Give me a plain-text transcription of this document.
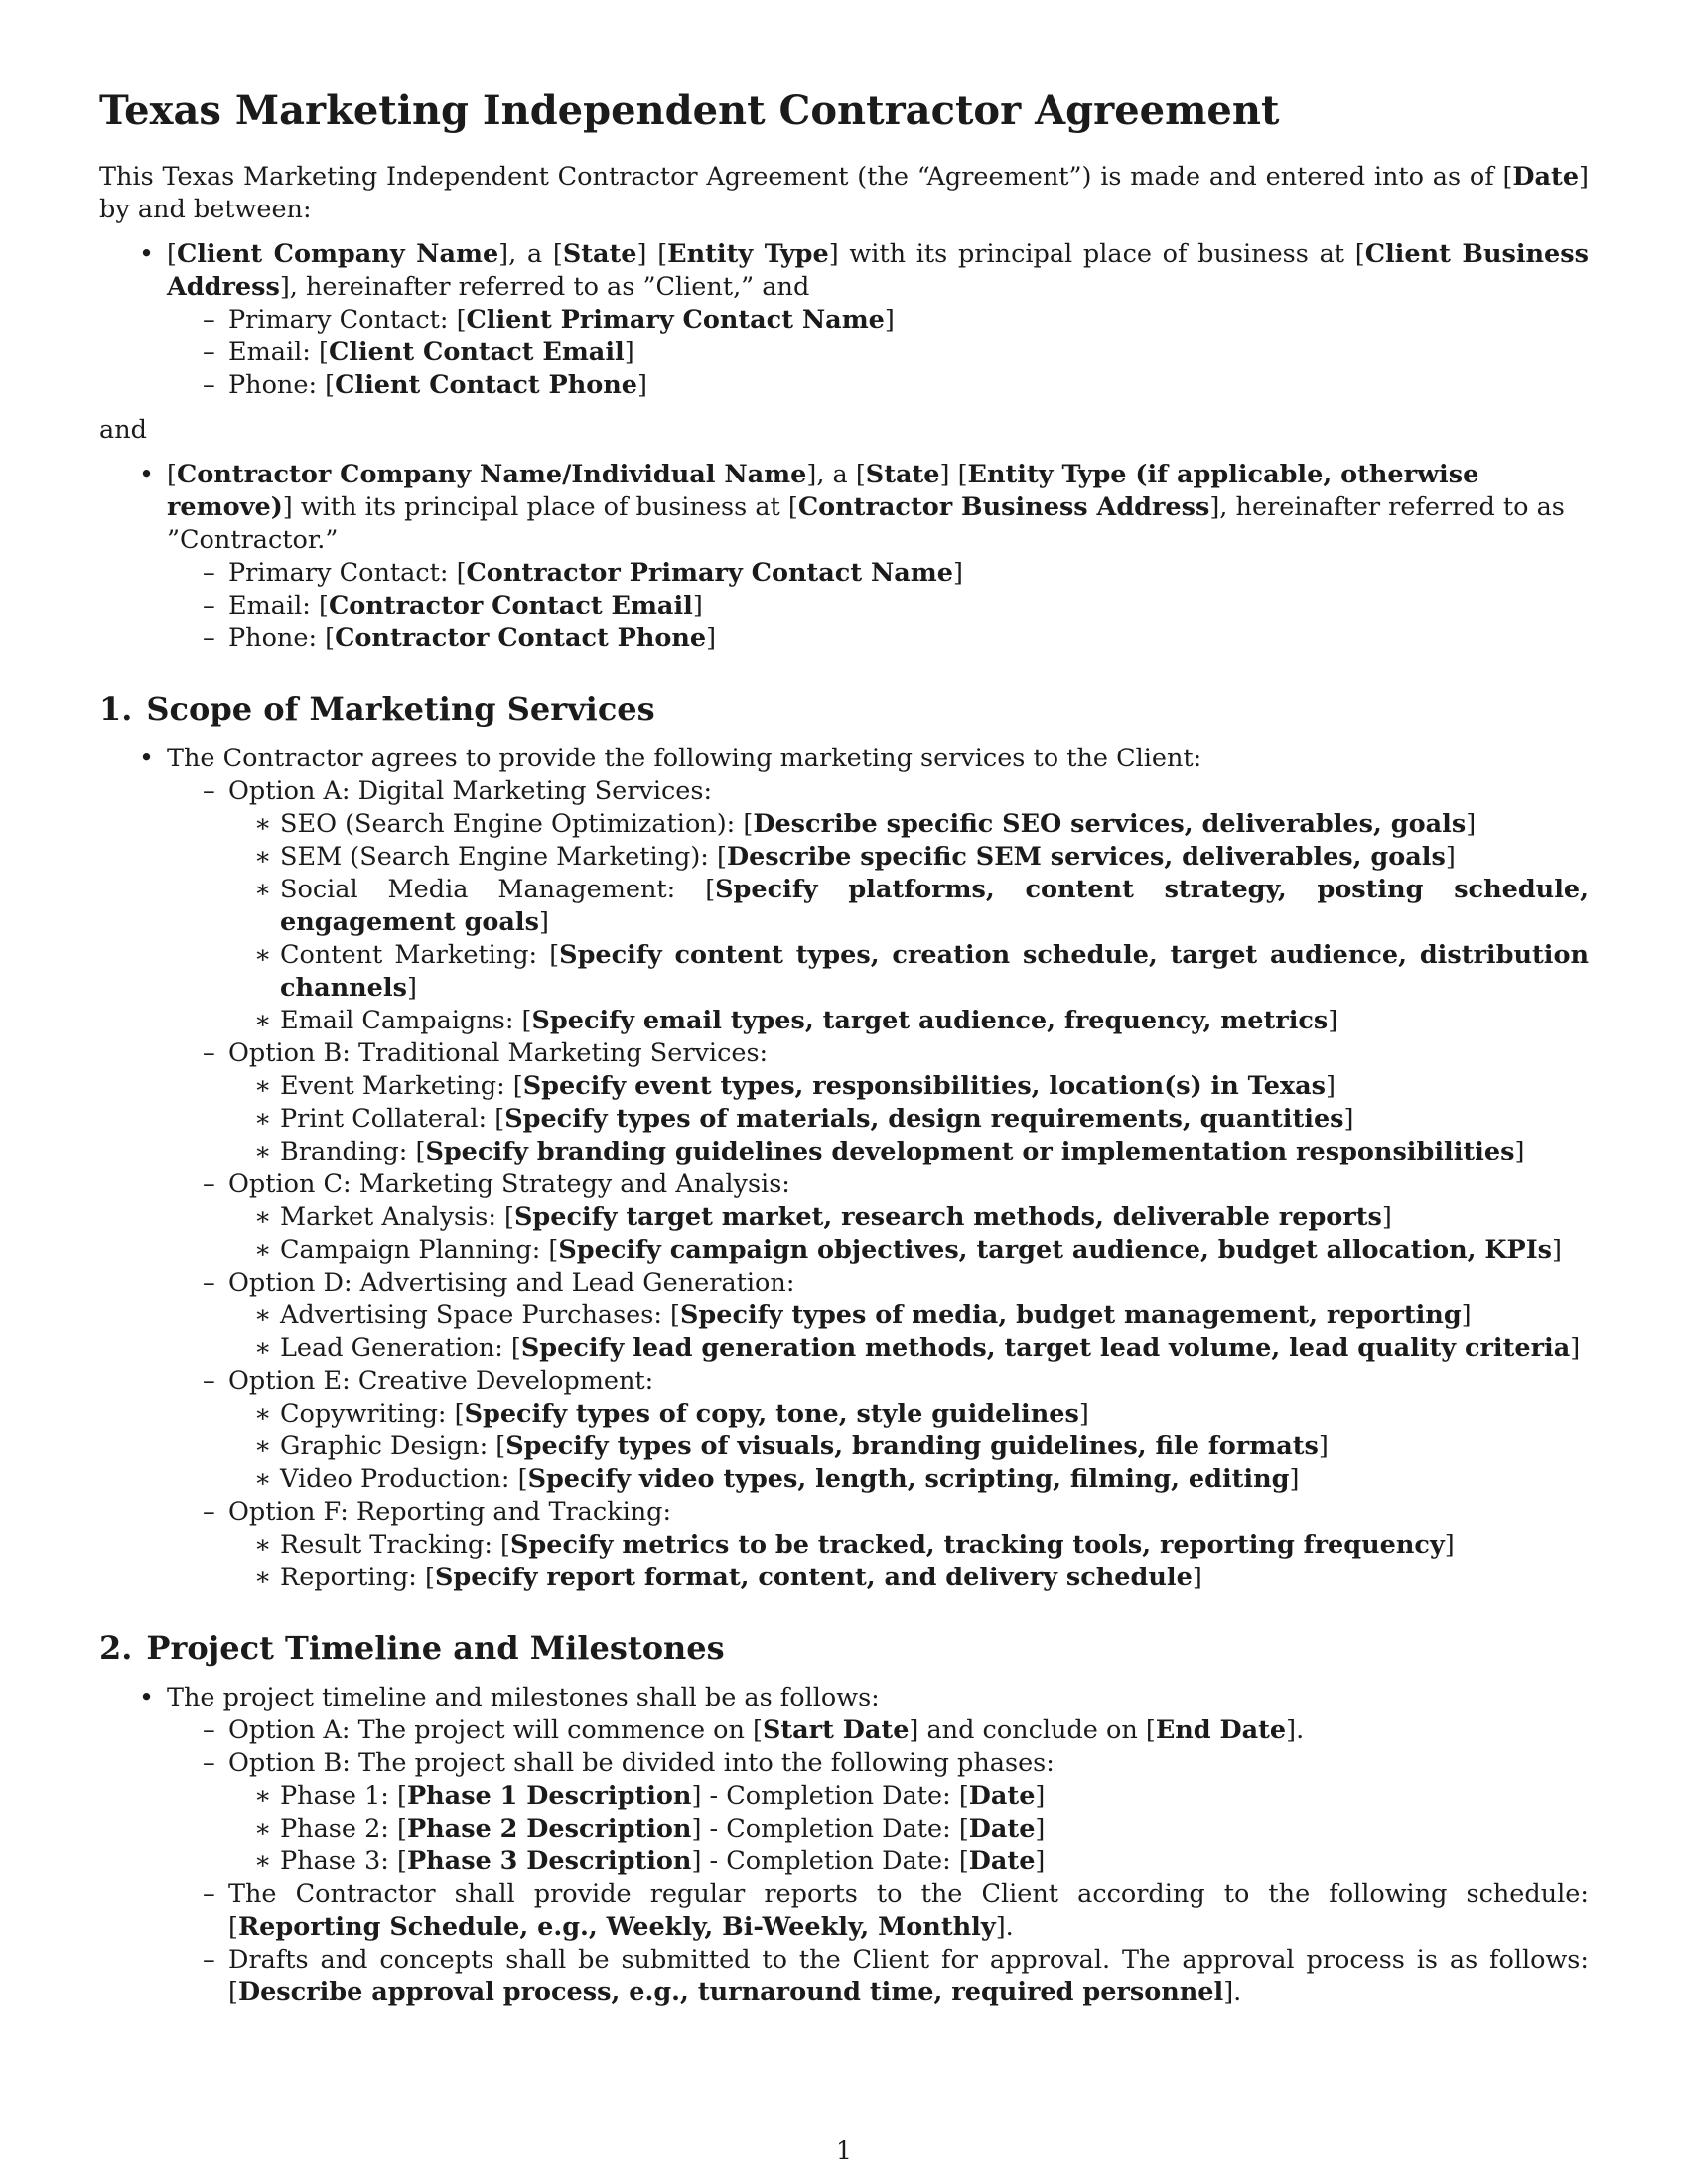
Texas Marketing Independent Contractor Agreement

This Texas Marketing Independent Contractor Agreement (the “Agreement”) is made and entered into as of [Date] by and between:

• [Client Company Name], a [State] [Entity Type] with its principal place of business at [Client Business Address], hereinafter referred to as ”Client,” and
– Primary Contact: [Client Primary Contact Name]
– Email: [Client Contact Email]
– Phone: [Client Contact Phone]

and

• [Contractor Company Name/Individual Name], a [State] [Entity Type (if applicable, otherwise remove)] with its principal place of business at [Contractor Business Address], hereinafter referred to as ”Contractor.”
– Primary Contact: [Contractor Primary Contact Name]
– Email: [Contractor Contact Email]
– Phone: [Contractor Contact Phone]
1. Scope of Marketing Services
• The Contractor agrees to provide the following marketing services to the Client:
– Option A: Digital Marketing Services:
∗ SEO (Search Engine Optimization): [Describe specific SEO services, deliverables, goals]
∗ SEM (Search Engine Marketing): [Describe specific SEM services, deliverables, goals]
∗ Social Media Management: [Specify platforms, content strategy, posting schedule, engagement goals]
∗ Content Marketing: [Specify content types, creation schedule, target audience, distribution channels]
∗ Email Campaigns: [Specify email types, target audience, frequency, metrics]
– Option B: Traditional Marketing Services:
∗ Event Marketing: [Specify event types, responsibilities, location(s) in Texas]
∗ Print Collateral: [Specify types of materials, design requirements, quantities]
∗ Branding: [Specify branding guidelines development or implementation responsibilities]
– Option C: Marketing Strategy and Analysis:
∗ Market Analysis: [Specify target market, research methods, deliverable reports]
∗ Campaign Planning: [Specify campaign objectives, target audience, budget allocation, KPIs]
– Option D: Advertising and Lead Generation:
∗ Advertising Space Purchases: [Specify types of media, budget management, reporting]
∗ Lead Generation: [Specify lead generation methods, target lead volume, lead quality criteria]
– Option E: Creative Development:
∗ Copywriting: [Specify types of copy, tone, style guidelines]
∗ Graphic Design: [Specify types of visuals, branding guidelines, file formats]
∗ Video Production: [Specify video types, length, scripting, filming, editing]
– Option F: Reporting and Tracking:
∗ Result Tracking: [Specify metrics to be tracked, tracking tools, reporting frequency]
∗ Reporting: [Specify report format, content, and delivery schedule]
2. Project Timeline and Milestones
• The project timeline and milestones shall be as follows:
– Option A: The project will commence on [Start Date] and conclude on [End Date].
– Option B: The project shall be divided into the following phases:
∗ Phase 1: [Phase 1 Description] - Completion Date: [Date]
∗ Phase 2: [Phase 2 Description] - Completion Date: [Date]
∗ Phase 3: [Phase 3 Description] - Completion Date: [Date]
– The Contractor shall provide regular reports to the Client according to the following schedule: [Reporting Schedule, e.g., Weekly, Bi-Weekly, Monthly].
– Drafts and concepts shall be submitted to the Client for approval. The approval process is as follows: [Describe approval process, e.g., turnaround time, required personnel].
1
